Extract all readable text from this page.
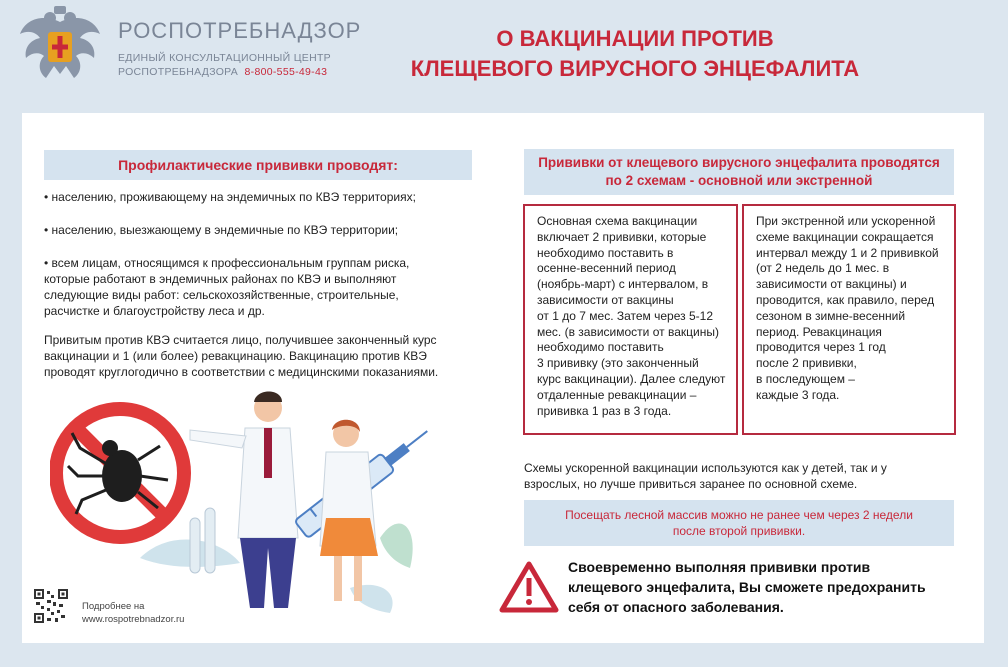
РОСПОТРЕБНАДЗОР
ЕДИНЫЙ КОНСУЛЬТАЦИОННЫЙ ЦЕНТР
РОСПОТРЕБНАДЗОРА 8-800-555-49-43
О ВАКЦИНАЦИИ ПРОТИВ
КЛЕЩЕВОГО ВИРУСНОГО ЭНЦЕФАЛИТА
Профилактические прививки проводят:
• населению, проживающему на эндемичных по КВЭ территориях;
• населению, выезжающему в эндемичные по КВЭ территории;
• всем лицам, относящимся к профессиональным группам риска,
которые работают в эндемичных районах по КВЭ и выполняют
следующие виды работ: сельскохозяйственные, строительные,
расчистке и благоустройству леса и др.
Привитым против КВЭ считается лицо, получившее законченный курс
вакцинации и 1 (или более) ревакцинацию. Вакцинацию против КВЭ
проводят круглогодично в соответствии с медицинскими показаниями.
Прививки от клещевого вирусного энцефалита проводятся
по 2 схемам - основной или экстренной
Основная схема вакцинации
включает 2 прививки, которые
необходимо поставить в
осенне-весенний период
(ноябрь-март) с интервалом, в
зависимости от вакцины
от 1 до 7 мес. Затем через 5-12
мес. (в зависимости от вакцины)
необходимо поставить
3 прививку (это законченный
курс вакцинации). Далее следуют
отдаленные ревакцинации –
прививка 1 раз в 3 года.
При экстренной или ускоренной
схеме вакцинации сокращается
интервал между 1 и 2 прививкой
(от 2 недель до 1 мес. в
зависимости от вакцины) и
проводится, как правило, перед
сезоном в зимне-весенний
период. Ревакцинация
проводится через 1 год
после 2 прививки,
в последующем –
каждые 3 года.
Схемы ускоренной вакцинации используются как у детей, так и у
взрослых, но лучше привиться заранее по основной схеме.
Посещать лесной массив можно не ранее чем через 2 недели
после второй прививки.
Своевременно выполняя прививки против
клещевого энцефалита, Вы сможете предохранить
себя от опасного заболевания.
Подробнее на
www.rospotrebnadzor.ru
